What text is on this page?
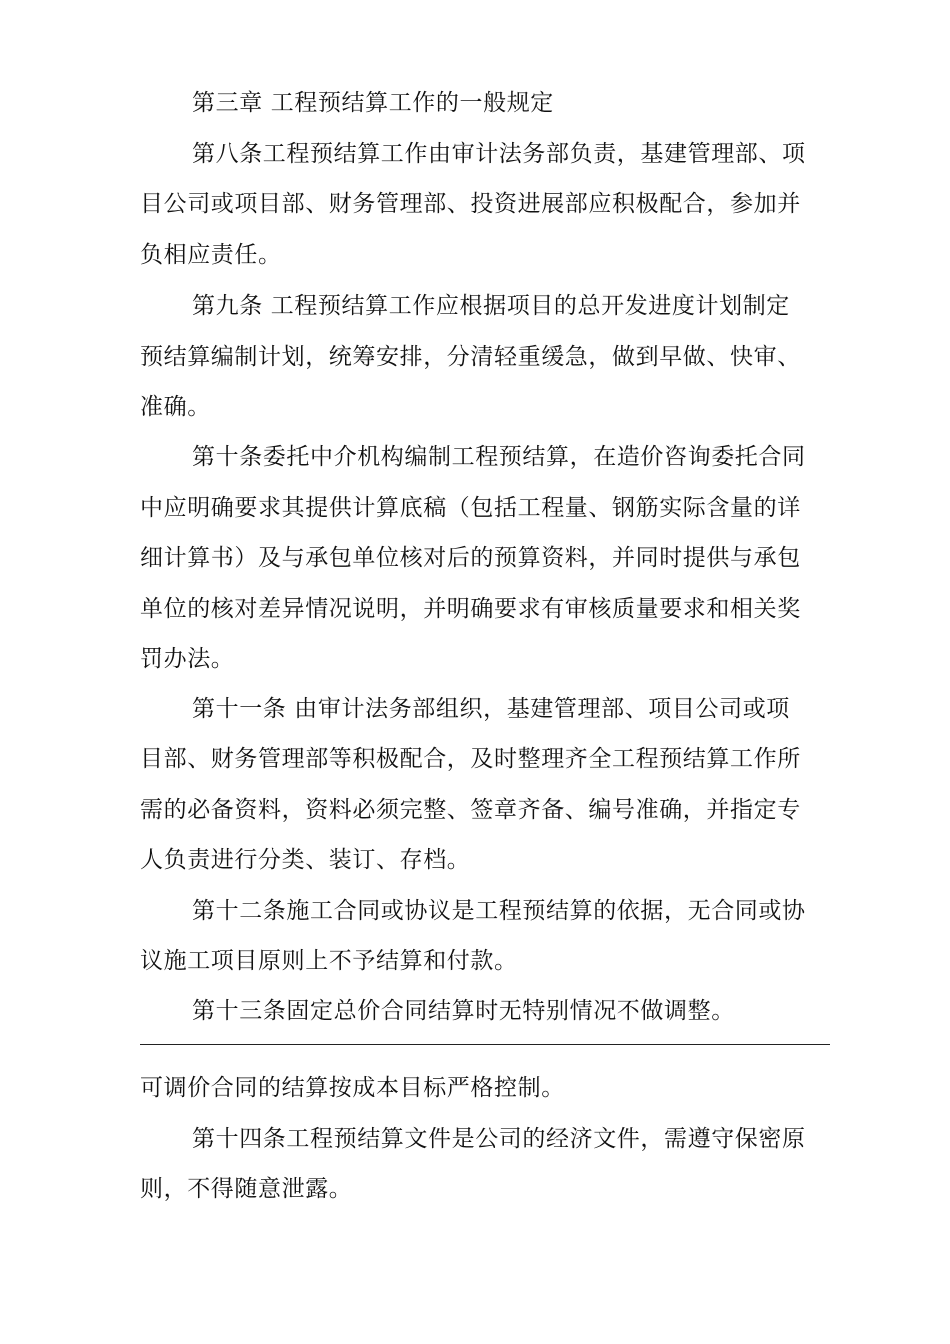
第三章 工程预结算工作的一般规定
第八条工程预结算工作由审计法务部负责，基建管理部、项
目公司或项目部、财务管理部、投资进展部应积极配合，参加并
负相应责任。
第九条 工程预结算工作应根据项目的总开发进度计划制定
预结算编制计划，统筹安排，分清轻重缓急，做到早做、快审、
准确。
第十条委托中介机构编制工程预结算，在造价咨询委托合同
中应明确要求其提供计算底稿（包括工程量、钢筋实际含量的详
细计算书）及与承包单位核对后的预算资料，并同时提供与承包
单位的核对差异情况说明，并明确要求有审核质量要求和相关奖
罚办法。
第十一条 由审计法务部组织，基建管理部、项目公司或项
目部、财务管理部等积极配合，及时整理齐全工程预结算工作所
需的必备资料，资料必须完整、签章齐备、编号准确，并指定专
人负责进行分类、装订、存档。
第十二条施工合同或协议是工程预结算的依据，无合同或协
议施工项目原则上不予结算和付款。
第十三条固定总价合同结算时无特别情况不做调整。
可调价合同的结算按成本目标严格控制。
第十四条工程预结算文件是公司的经济文件，需遵守保密原
则，不得随意泄露。
